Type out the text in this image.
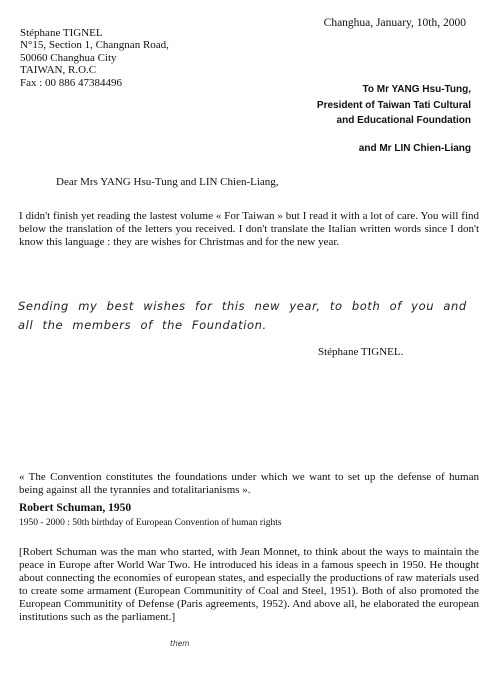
Stéphane TIGNEL
N°15, Section 1, Changnan Road,
50060 Changhua City
TAIWAN, R.O.C
Fax : 00 886 47384496
Changhua, January, 10th, 2000
To Mr YANG Hsu-Tung,
President of Taiwan Tati Cultural
and Educational Foundation
and Mr LIN Chien-Liang
Dear Mrs YANG Hsu-Tung and LIN Chien-Liang,
I didn't finish yet reading the lastest volume « For Taiwan » but I read it with a lot of care. You will find below the translation of the letters you received. I don't translate the Italian written words since I don't know this language : they are wishes for Christmas and for the new year.
Sending my best wishes for this new year, to both of you and all the members of the Foundation.
Stéphane TIGNEL.
« The Convention constitutes the foundations under which we want to set up the defense of human being against all the tyrannies and totalitarianisms ».
Robert Schuman, 1950
1950 - 2000 : 50th birthday of European Convention of human rights
[Robert Schuman was the man who started, with Jean Monnet, to think about the ways to maintain the peace in Europe after World War Two. He introduced his ideas in a famous speech in 1950. He thought about connecting the economies of european states, and especially the productions of raw materials used to create some armament (European Communitity of Coal and Steel, 1951). Both of also promoted the European Communitity of Defense (Paris agreements, 1952). And above all, he elaborated the european institutions such as the parliament.]
them
